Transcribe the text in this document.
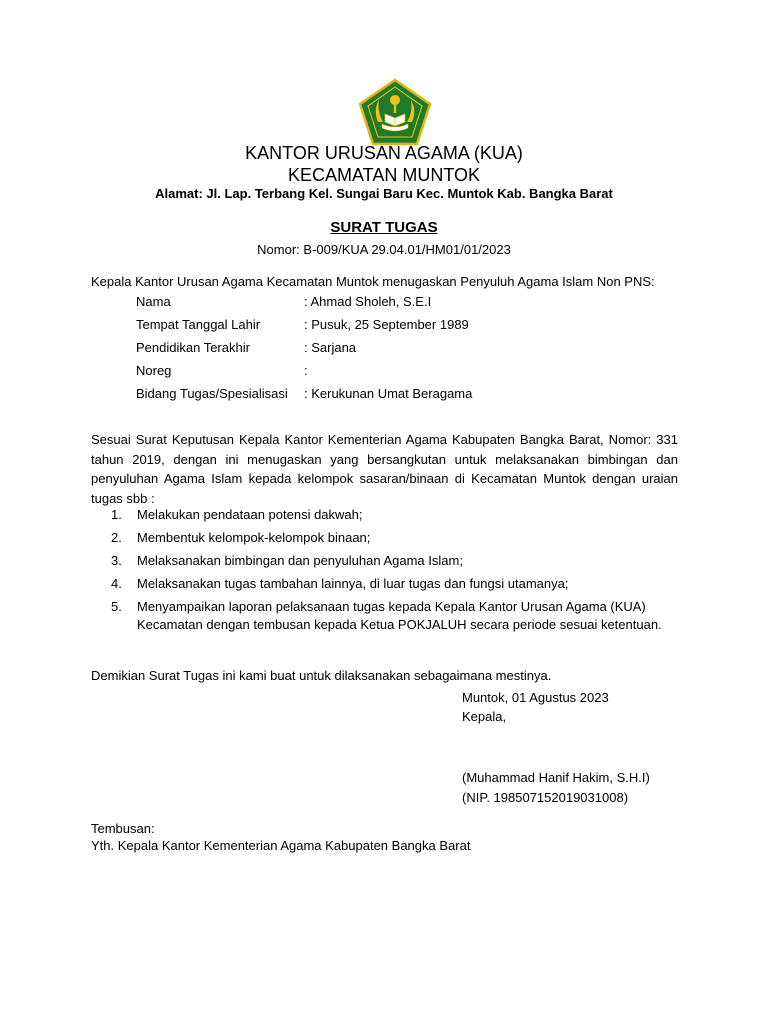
KANTOR URUSAN AGAMA (KUA)
KECAMATAN MUNTOK
Alamat: Jl. Lap. Terbang Kel. Sungai Baru Kec. Muntok Kab. Bangka Barat
SURAT TUGAS
Nomor: B-009/KUA 29.04.01/HM01/01/2023
Kepala Kantor Urusan Agama Kecamatan Muntok menugaskan Penyuluh Agama Islam Non PNS:
Nama	: Ahmad Sholeh, S.E.I
Tempat Tanggal Lahir	: Pusuk, 25 September 1989
Pendidikan Terakhir	: Sarjana
Noreg	:
Bidang Tugas/Spesialisasi : Kerukunan Umat Beragama
Sesuai Surat Keputusan Kepala Kantor Kementerian Agama Kabupaten Bangka Barat, Nomor: 331 tahun 2019, dengan ini menugaskan yang bersangkutan untuk melaksanakan bimbingan dan penyuluhan Agama Islam kepada kelompok sasaran/binaan di Kecamatan Muntok dengan uraian tugas sbb :
1. Melakukan pendataan potensi dakwah;
2. Membentuk kelompok-kelompok binaan;
3. Melaksanakan bimbingan dan penyuluhan Agama Islam;
4. Melaksanakan tugas tambahan lainnya, di luar tugas dan fungsi utamanya;
5. Menyampaikan laporan pelaksanaan tugas kepada Kepala Kantor Urusan Agama (KUA) Kecamatan dengan tembusan kepada Ketua POKJALUH secara periode sesuai ketentuan.
Demikian Surat Tugas ini kami buat untuk dilaksanakan sebagaimana mestinya.
Muntok, 01 Agustus 2023
Kepala,
(Muhammad Hanif Hakim, S.H.I)
(NIP. 198507152019031008)
Tembusan:
Yth. Kepala Kantor Kementerian Agama Kabupaten Bangka Barat
